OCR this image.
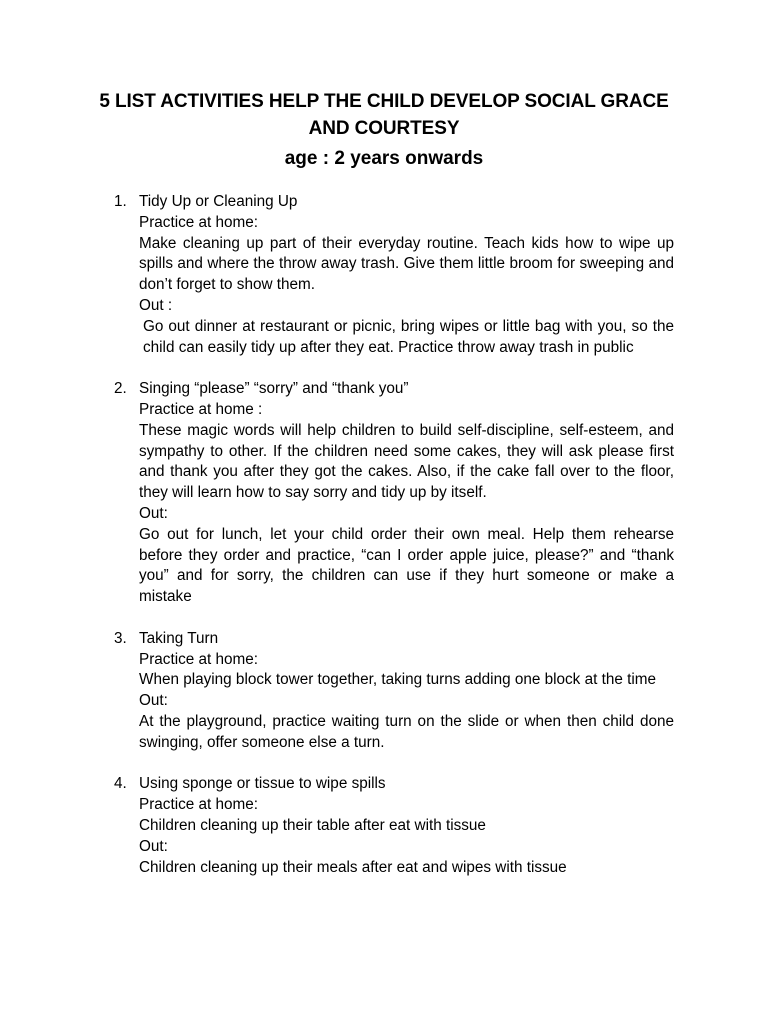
5 LIST ACTIVITIES HELP THE CHILD DEVELOP SOCIAL GRACE
AND COURTESY
age : 2 years onwards
1. Tidy Up or Cleaning Up
Practice at home:
Make cleaning up part of their everyday routine. Teach kids how to wipe up spills and where the throw away trash. Give them little broom for sweeping and don’t forget to show them.
Out :
Go out dinner at restaurant or picnic, bring wipes or little bag with you, so the child can easily tidy up after they eat. Practice throw away trash in public
2. Singing “please” “sorry” and “thank you”
Practice at home :
These magic words will help children to build self-discipline, self-esteem, and sympathy to other. If the children need some cakes, they will ask please first and thank you after they got the cakes. Also, if the cake fall over to the floor, they will learn how to say sorry and tidy up by itself.
Out:
Go out for lunch, let your child order their own meal. Help them rehearse before they order and practice, “can I order apple juice, please?” and “thank you” and for sorry, the children can use if they hurt someone or make a mistake
3. Taking Turn
Practice at home:
When playing block tower together, taking turns adding one block at the time
Out:
At the playground, practice waiting turn on the slide or when then child done swinging, offer someone else a turn.
4. Using sponge or tissue to wipe spills
Practice at home:
Children cleaning up their table after eat with tissue
Out:
Children cleaning up their meals after eat and wipes with tissue
